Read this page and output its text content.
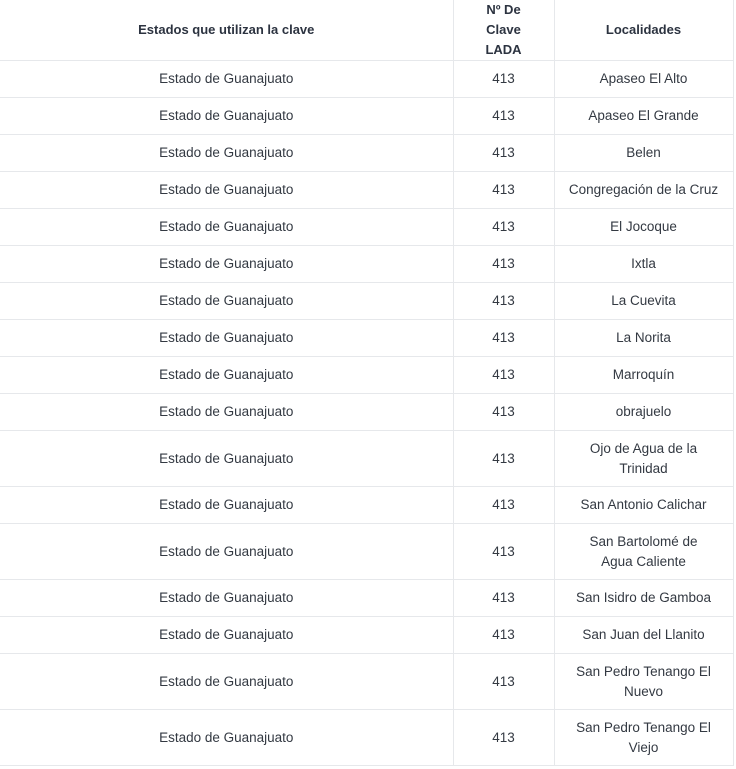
Estados que utilizan la clave	Nº De Clave LADA	Localidades
Estado de Guanajuato	413	Apaseo El Alto
Estado de Guanajuato	413	Apaseo El Grande
Estado de Guanajuato	413	Belen
Estado de Guanajuato	413	Congregación de la Cruz
Estado de Guanajuato	413	El Jocoque
Estado de Guanajuato	413	Ixtla
Estado de Guanajuato	413	La Cuevita
Estado de Guanajuato	413	La Norita
Estado de Guanajuato	413	Marroquín
Estado de Guanajuato	413	obrajuelo
Estado de Guanajuato	413	Ojo de Agua de la Trinidad
Estado de Guanajuato	413	San Antonio Calichar
Estado de Guanajuato	413	San Bartolomé de Agua Caliente
Estado de Guanajuato	413	San Isidro de Gamboa
Estado de Guanajuato	413	San Juan del Llanito
Estado de Guanajuato	413	San Pedro Tenango El Nuevo
Estado de Guanajuato	413	San Pedro Tenango El Viejo
